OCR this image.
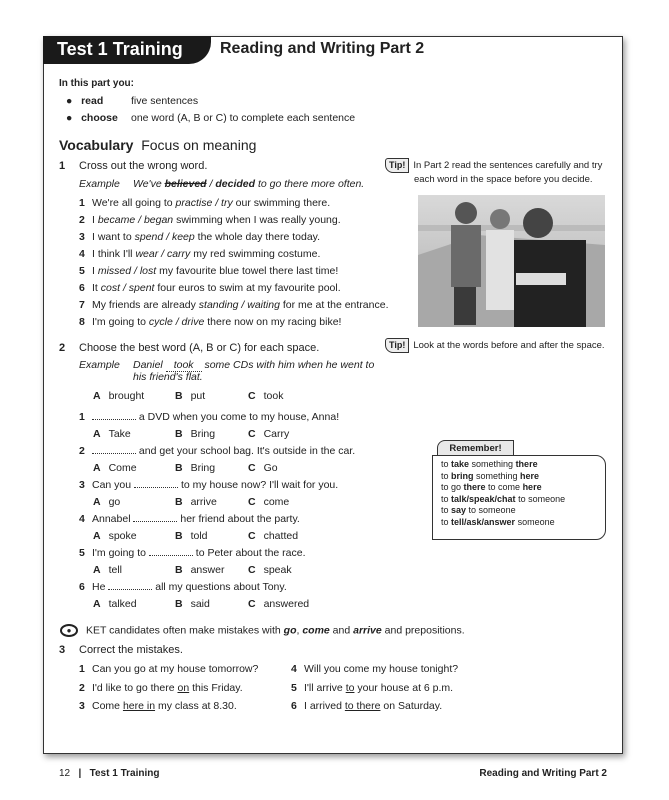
Test 1 Training	Reading and Writing Part 2
In this part you:
●   read	five sentences
●   choose one word (A, B or C) to complete each sentence
Vocabulary Focus on meaning
1 Cross out the wrong word.
Example We've believed / decided to go there more often.
1 We're all going to practise / try our swimming there.
2 I became / began swimming when I was really young.
3 I want to spend / keep the whole day there today.
4 I think I'll wear / carry my red swimming costume.
5 I missed / lost my favourite blue towel there last time!
6 It cost / spent four euros to swim at my favourite pool.
7 My friends are already standing / waiting for me at the entrance.
8 I'm going to cycle / drive there now on my racing bike!
Tip! In Part 2 read the sentences carefully and try
each word in the space before you decide.
Tip! Look at the words before and after the space.
2 Choose the best word (A, B or C) for each space.
Example Daniel took some CDs with him when he went to
his friend's flat.
A brought	B put	C took
1	a DVD when you come to my house, Anna!
A Take	B Bring	C Carry
2	and get your school bag. It's outside in the car.
A Come	B Bring	C Go
3 Can you	to my house now? I'll wait for you.
A go	B arrive	C come
4 Annabel	her friend about the party.
A spoke	B told	C chatted
5 I'm going to	to Peter about the race.
A tell	B answer C speak
6 He	all my questions about Tony.
A talked	B said	C answered
Remember!
to take something there
to bring something here
to go there to come here
to talk/speak/chat to someone
to say to someone
to tell/ask/answer someone
● KET candidates often make mistakes with go, come and arrive and prepositions.
3 Correct the mistakes.
1 Can you go at my house tomorrow?
2 I'd like to go there on this Friday.
3 Come here in my class at 8.30.
4 Will you come my house tonight?
5 I'll arrive to your house at 6 p.m.
6 I arrived to there on Saturday.
12 | Test 1 Training	Reading and Writing Part 2
